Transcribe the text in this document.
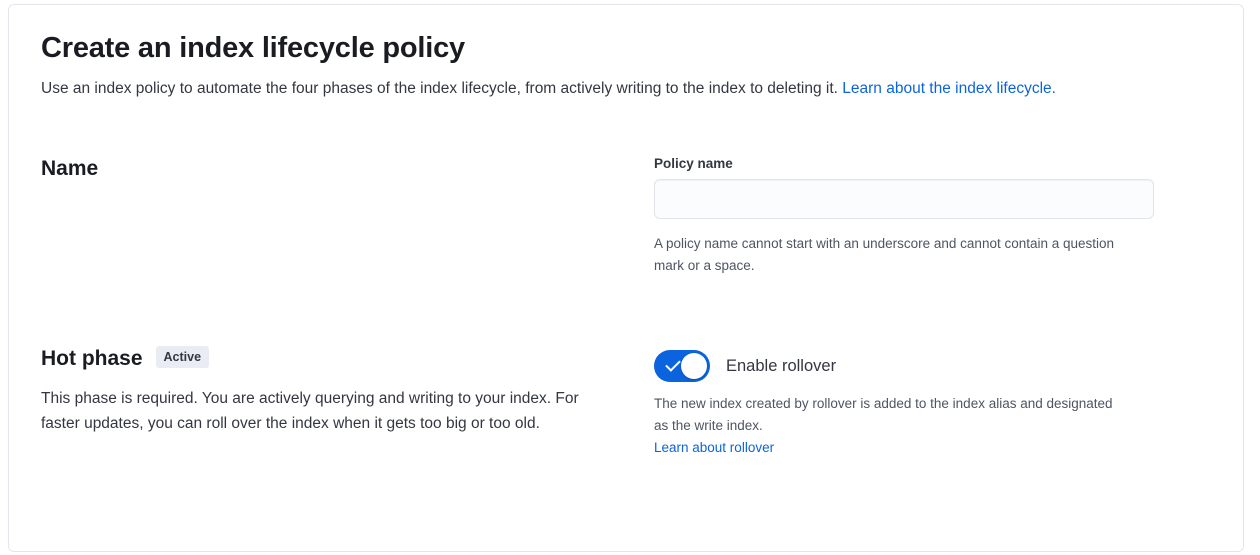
Create an index lifecycle policy

Use an index policy to automate the four phases of the index lifecycle, from actively writing to the index to deleting it. Learn about the index lifecycle.

Name	Policy name
A policy name cannot start with an underscore and cannot contain a question mark or a space.
Hot phase	Active
This phase is required. You are actively querying and writing to your index. For faster updates, you can roll over the index when it gets too big or too old.
Enable rollover
The new index created by rollover is added to the index alias and designated as the write index.
Learn about rollover
